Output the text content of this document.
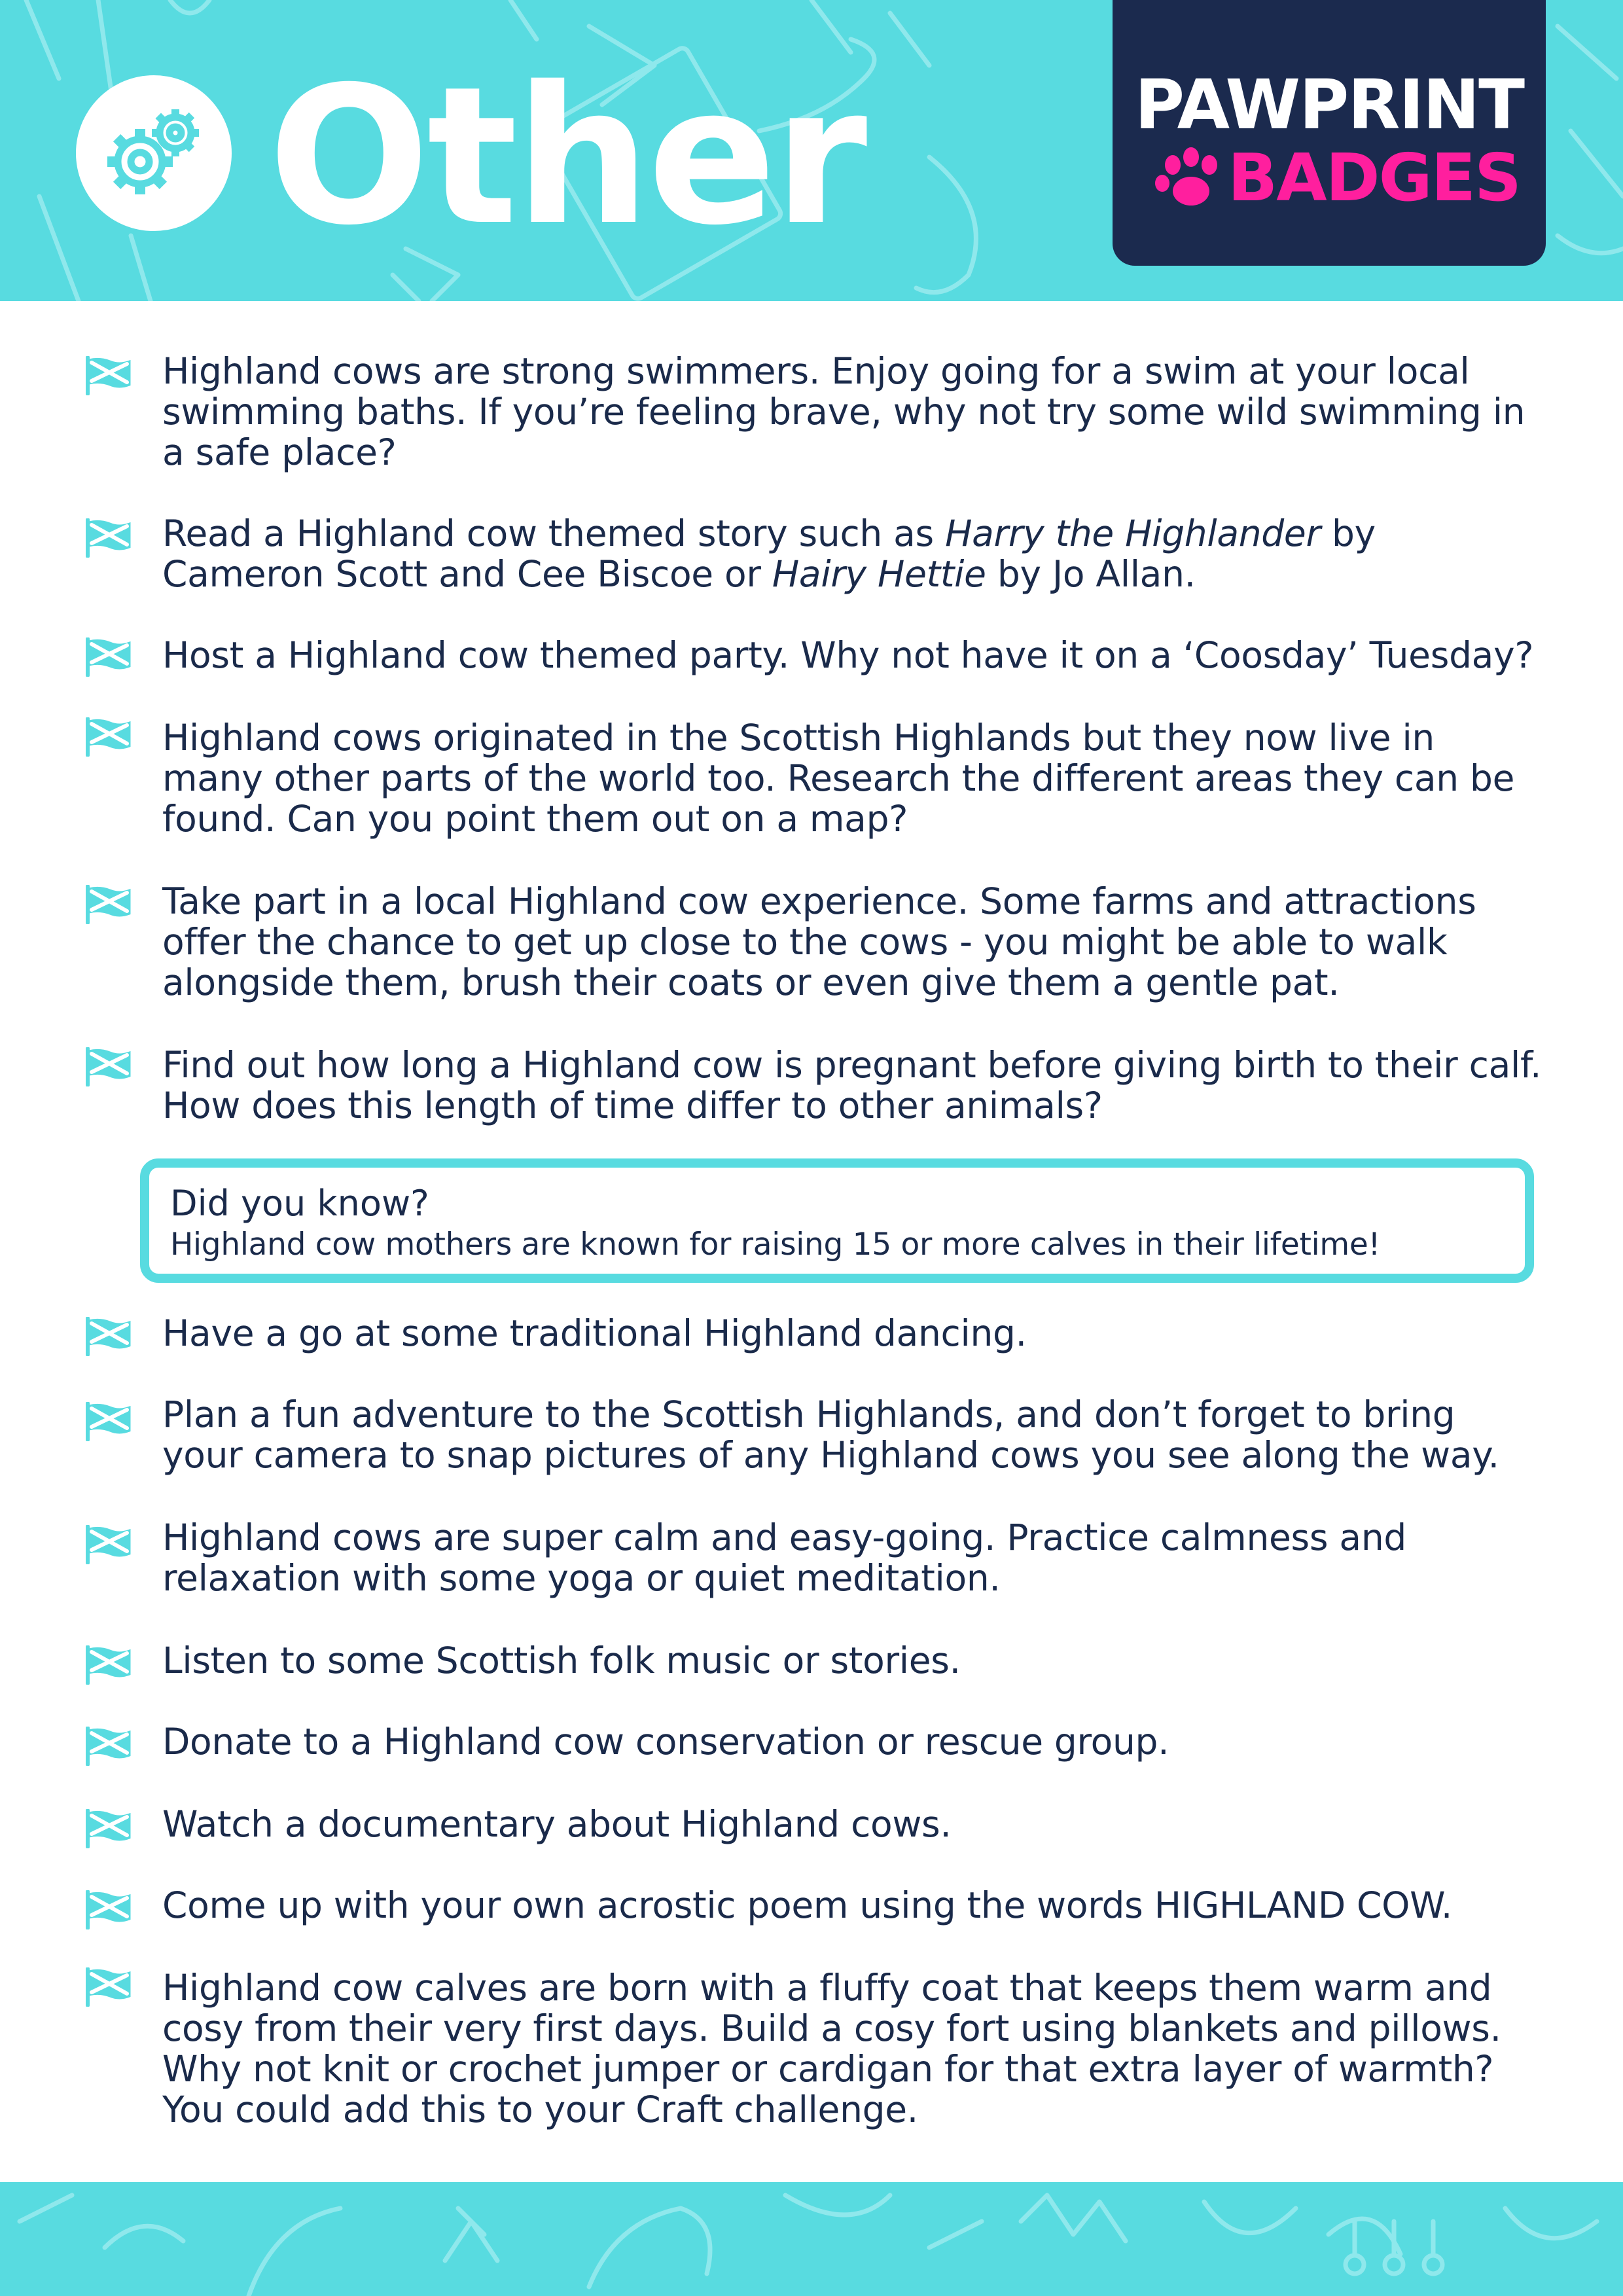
Other	PAWPRINT
BADGES

Highland cows are strong swimmers. Enjoy going for a swim at your local swimming baths. If you’re feeling brave, why not try some wild swimming in a safe place?

Read a Highland cow themed story such as Harry the Highlander by Cameron Scott and Cee Biscoe or Hairy Hettie by Jo Allan.

Host a Highland cow themed party. Why not have it on a ‘Coosday’ Tuesday?

Highland cows originated in the Scottish Highlands but they now live in many other parts of the world too. Research the different areas they can be found. Can you point them out on a map?

Take part in a local Highland cow experience. Some farms and attractions offer the chance to get up close to the cows - you might be able to walk alongside them, brush their coats or even give them a gentle pat.

Find out how long a Highland cow is pregnant before giving birth to their calf. How does this length of time differ to other animals?

Did you know?
Highland cow mothers are known for raising 15 or more calves in their lifetime!

Have a go at some traditional Highland dancing.

Plan a fun adventure to the Scottish Highlands, and don’t forget to bring your camera to snap pictures of any Highland cows you see along the way.

Highland cows are super calm and easy-going. Practice calmness and relaxation with some yoga or quiet meditation.

Listen to some Scottish folk music or stories.

Donate to a Highland cow conservation or rescue group.

Watch a documentary about Highland cows.

Come up with your own acrostic poem using the words HIGHLAND COW.

Highland cow calves are born with a fluffy coat that keeps them warm and cosy from their very first days. Build a cosy fort using blankets and pillows. Why not knit or crochet jumper or cardigan for that extra layer of warmth? You could add this to your Craft challenge.
